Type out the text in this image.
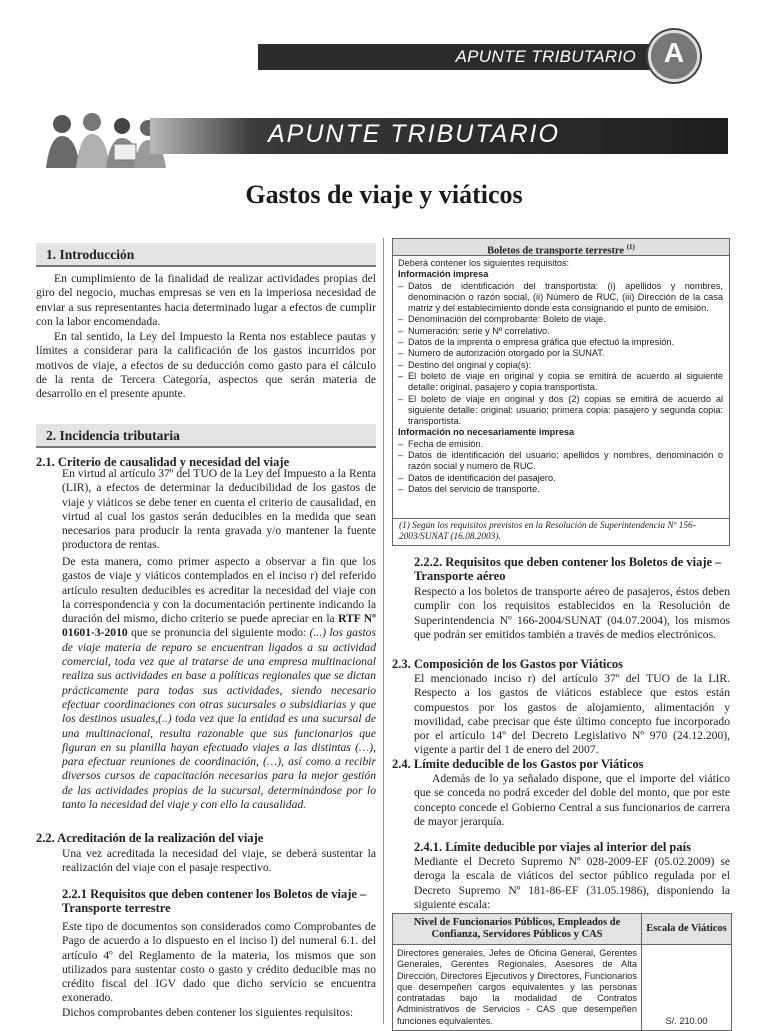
APUNTE TRIBUTARIO A
APUNTE TRIBUTARIO
Gastos de viaje y viáticos
1. Introducción

En cumplimiento de la finalidad de realizar actividades propias del giro del negocio, muchas empresas se ven en la imperiosa necesidad de enviar a sus representantes hacia determinado lugar a efectos de cumplir con la labor encomendada.

En tal sentido, la Ley del Impuesto la Renta nos establece pautas y límites a considerar para la calificación de los gastos incurridos por motivos de viaje, a efectos de su deducción como gasto para el cálculo de la renta de Tercera Categoría, aspectos que serán materia de desarrollo en el presente apunte.

2. Incidencia tributaria

2.1. Criterio de causalidad y necesidad del viaje

En virtud al artículo 37º del TUO de la Ley del Impuesto a la Renta (LIR), a efectos de determinar la deducibilidad de los gastos de viaje y viáticos se debe tener en cuenta el criterio de causalidad, en virtud al cual los gastos serán deducibles en la medida que sean necesarios para producir la renta gravada y/o mantener la fuente productora de rentas.

De esta manera, como primer aspecto a observar a fin que los gastos de viaje y viáticos contemplados en el inciso r) del referido artículo resulten deducibles es acreditar la necesidad del viaje con la correspondencia y con la documentación pertinente indicando la duración del mismo, dicho criterio se puede apreciar en la RTF Nº 01601-3-2010 que se pronuncia del siguiente modo: (...) los gastos de viaje materia de reparo se encuentran ligados a su actividad comercial, toda vez que al tratarse de una empresa multinacional realiza sus actividades en base a políticas regionales que se dictan prácticamente para todas sus actividades, siendo necesario efectuar coordinaciones con otras sucursales o subsidiarias y que los destinos usuales,(..) toda vez que la entidad es una sucursal de una multinacional, resulta razonable que sus funcionarios que figuran en su planilla hayan efectuado viajes a las distintas (…), para efectuar reuniones de coordinación, (…), así como a recibir diversos cursos de capacitación necesarios para la mejor gestión de las actividades propias de la sucursal, determinándose por lo tanto la necesidad del viaje y con ello la causalidad.

2.2. Acreditación de la realización del viaje

Una vez acreditada la necesidad del viaje, se deberá sustentar la realización del viaje con el pasaje respectivo.

2.2.1 Requisitos que deben contener los Boletos de viaje – Transporte terrestre

Este tipo de documentos son considerados como Comprobantes de Pago de acuerdo a lo dispuesto en el inciso l) del numeral 6.1. del artículo 4º del Reglamento de la materia, los mismos que son utilizados para sustentar costo o gasto y crédito deducible mas no crédito fiscal del IGV dado que dicho servicio se encuentra exonerado.

Dichos comprobantes deben contener los siguientes requisitos:

Boletos de transporte terrestre $^{(1)}$
Deberá contener los siguientes requisitos:
Información impresa
– Datos de identificación del transportista: (i) apellidos y nombres, denominación o razón social, (ii) Número de RUC, (iii) Dirección de la casa matriz y del establecimiento donde esta consignando el punto de emisión.
– Denominación del comprobante: Boleto de viaje.
– Numeración: serie y Nº correlativo.
– Datos de la imprenta o empresa gráfica que efectuó la impresión.
– Numero de autorización otorgado por la SUNAT.
– Destino del original y copia(s):
– El boleto de viaje en original y copia se emitirá de acuerdo al siguiente detalle: original, pasajero y copia transportista.
– El boleto de viaje en original y dos (2) copias se emitirá de acuerdo al siguiente detalle: original: usuario; primera copia: pasajero y segunda copia: transportista.
Información no necesariamente impresa
– Fecha de emisión.
– Datos de identificación del usuario; apellidos y nombres, denominación o razón social y numero de RUC.
– Datos de identificación del pasajero.
– Datos del servicio de transporte.
(1) Según los requisitos previstos en la Resolución de Superintendencia Nº 156-2003/SUNAT (16.08.2003).

2.2.2. Requisitos que deben contener los Boletos de viaje – Transporte aéreo

Respecto a los boletos de transporte aéreo de pasajeros, éstos deben cumplir con los requisitos establecidos en la Resolución de Superintendencia Nº 166-2004/SUNAT (04.07.2004), los mismos que podrán ser emitidos también a través de medios electrónicos.

2.3. Composición de los Gastos por Viáticos

El mencionado inciso r) del artículo 37º del TUO de la LIR. Respecto a los gastos de viáticos establece que estos están compuestos por los gastos de alojamiento, alimentación y movilidad, cabe precisar que éste último concepto fue incorporado por el artículo 14º del Decreto Legislativo Nº 970 (24.12.200), vigente a partir del 1 de enero del 2007.

2.4. Límite deducible de los Gastos por Viáticos

Además de lo ya señalado dispone, que el importe del viático que se conceda no podrá exceder del doble del monto, que por este concepto concede el Gobierno Central a sus funcionarios de carrera de mayor jerarquía.

2.4.1. Límite deducible por viajes al interior del país

Mediante el Decreto Supremo Nº 028-2009-EF (05.02.2009) se deroga la escala de viáticos del sector público regulada por el Decreto Supremo Nº 181-86-EF (31.05.1986), disponiendo la siguiente escala:

Nivel de Funcionarios Públicos, Empleados de Confianza, Servidores Públicos y CAS	Escala de Viáticos
Directores generales, Jefes de Oficina General, Gerentes Generales, Gerentes Regionales, Asesores de Alta Dirección, Directores Ejecutivos y Directores, Funcionarios que desempeñen cargos equivalentes y las personas contratadas bajo la modalidad de Contratos Administrativos de Servicios - CAS que desempeñen funciones equivalentes.	S/. 210.00
